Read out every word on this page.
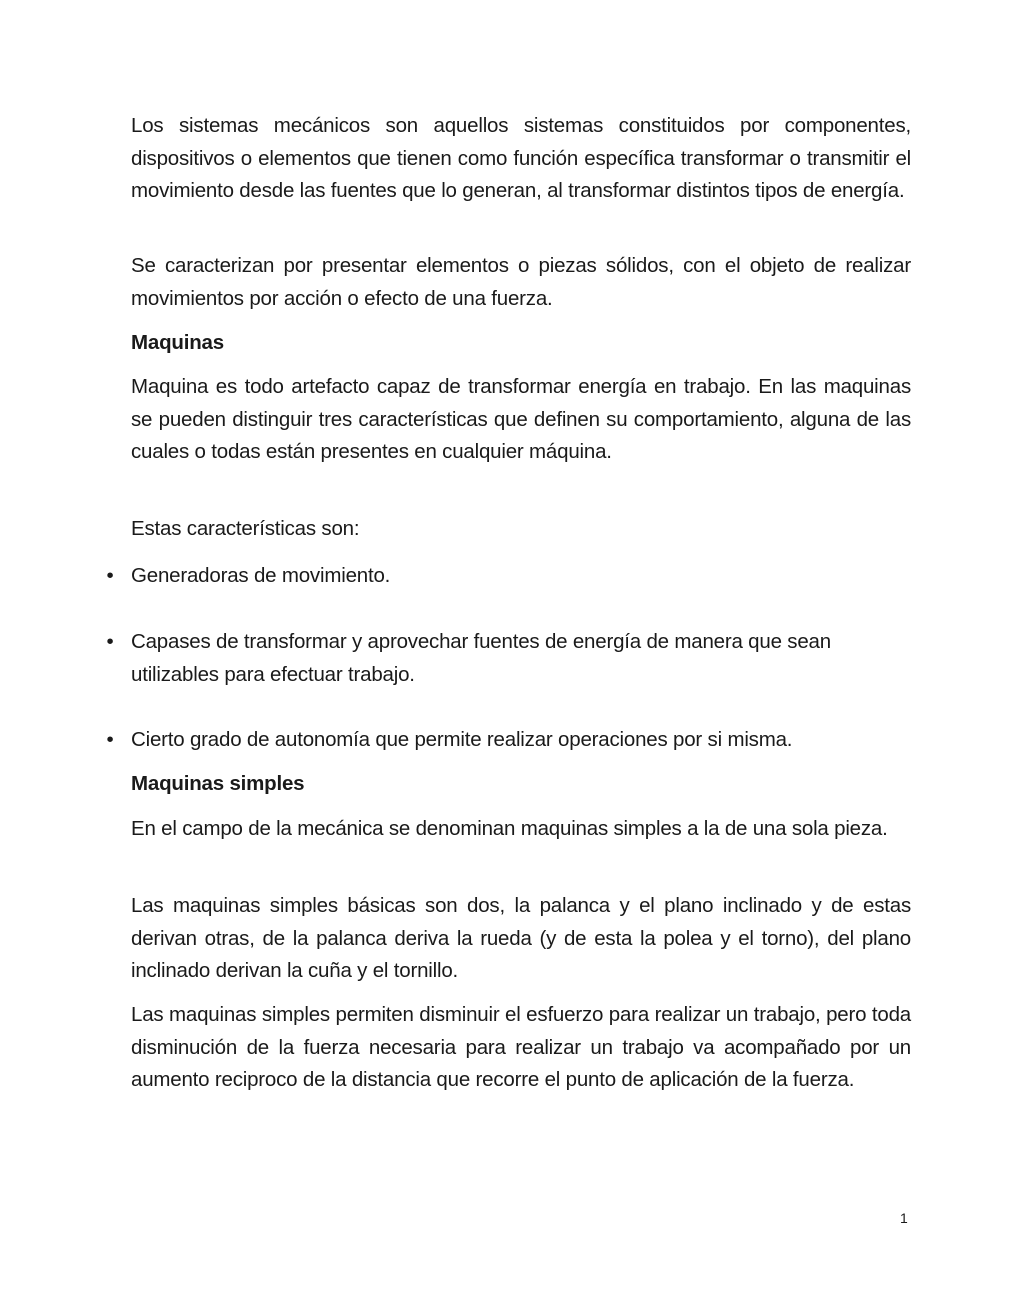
Los sistemas mecánicos son aquellos sistemas constituidos por componentes, dispositivos o elementos que tienen como función específica transformar o transmitir el movimiento desde las fuentes que lo generan, al transformar distintos tipos de energía.

Se caracterizan por presentar elementos o piezas sólidos, con el objeto de realizar movimientos por acción o efecto de una fuerza.

Maquinas

Maquina es todo artefacto capaz de transformar energía en trabajo. En las maquinas se pueden distinguir tres características que definen su comportamiento, alguna de las cuales o todas están presentes en cualquier máquina.

Estas características son:

• Generadoras de movimiento.
• Capases de transformar y aprovechar fuentes de energía de manera que sean utilizables para efectuar trabajo.
• Cierto grado de autonomía que permite realizar operaciones por si misma.

Maquinas simples

En el campo de la mecánica se denominan maquinas simples a la de una sola pieza.

Las maquinas simples básicas son dos, la palanca y el plano inclinado y de estas derivan otras, de la palanca deriva la rueda (y de esta la polea y el torno), del plano inclinado derivan la cuña y el tornillo.

Las maquinas simples permiten disminuir el esfuerzo para realizar un trabajo, pero toda disminución de la fuerza necesaria para realizar un trabajo va acompañado por un aumento reciproco de la distancia que recorre el punto de aplicación de la fuerza.

1
